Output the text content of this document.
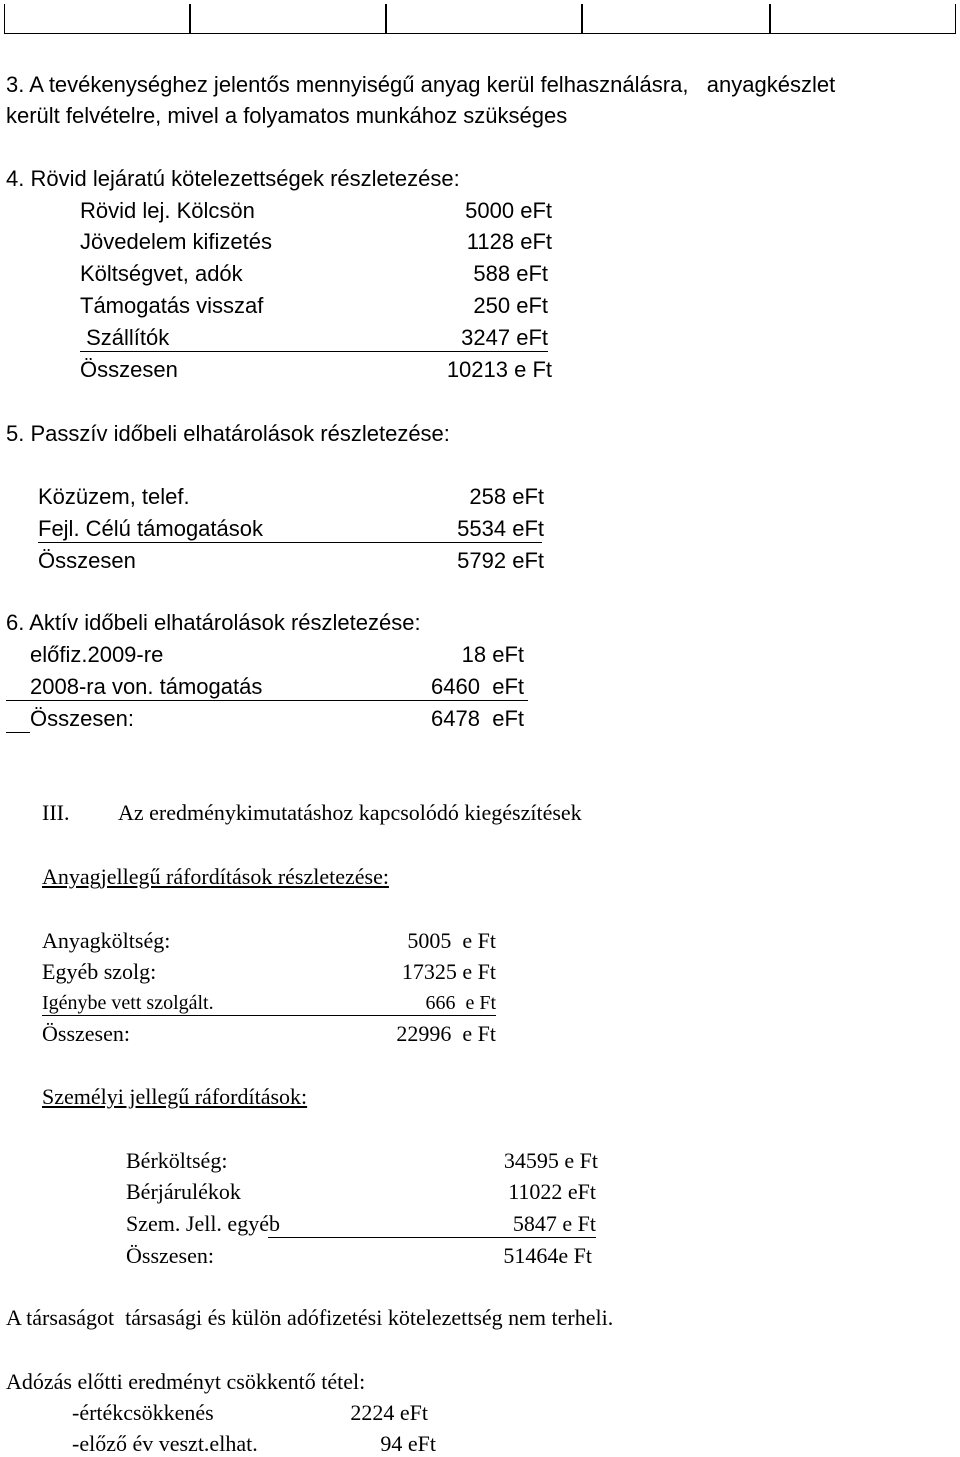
3. A tevékenységhez jelentős mennyiségű anyag kerül felhasználásra,   anyagkészlet
került felvételre, mivel a folyamatos munkához szükséges
4. Rövid lejáratú kötelezettségek részletezése:
Rövid lej. Kölcsön	5000 eFt
Jövedelem kifizetés	1128 eFt
Költségvet, adók	588 eFt
Támogatás visszaf	250 eFt
Szállítók	3247 eFt
Összesen	10213 e Ft
5. Passzív időbeli elhatárolások részletezése:
Közüzem, telef.	258 eFt
Fejl. Célú támogatások	5534 eFt
Összesen	5792 eFt
6. Aktív időbeli elhatárolások részletezése:
előfiz.2009-re	18 eFt
2008-ra von. támogatás	6460  eFt
Összesen:	6478  eFt
III. Az eredménykimutatáshoz kapcsolódó kiegészítések
Anyagjellegű ráfordítások részletezése:
Anyagköltség:	5005  e Ft
Egyéb szolg:	17325 e Ft
Igénybe vett szolgált.	666  e Ft
Összesen:	22996  e Ft
Személyi jellegű ráfordítások:
Bérköltség:	34595 e Ft
Bérjárulékok	11022 eFt
Szem. Jell. egyéb	5847 e Ft
Összesen:	51464e Ft
A társaságot  társasági és külön adófizetési kötelezettség nem terheli.
Adózás előtti eredményt csökkentő tétel:
-értékcsökkenés	2224 eFt
-előző év veszt.elhat.	94 eFt
